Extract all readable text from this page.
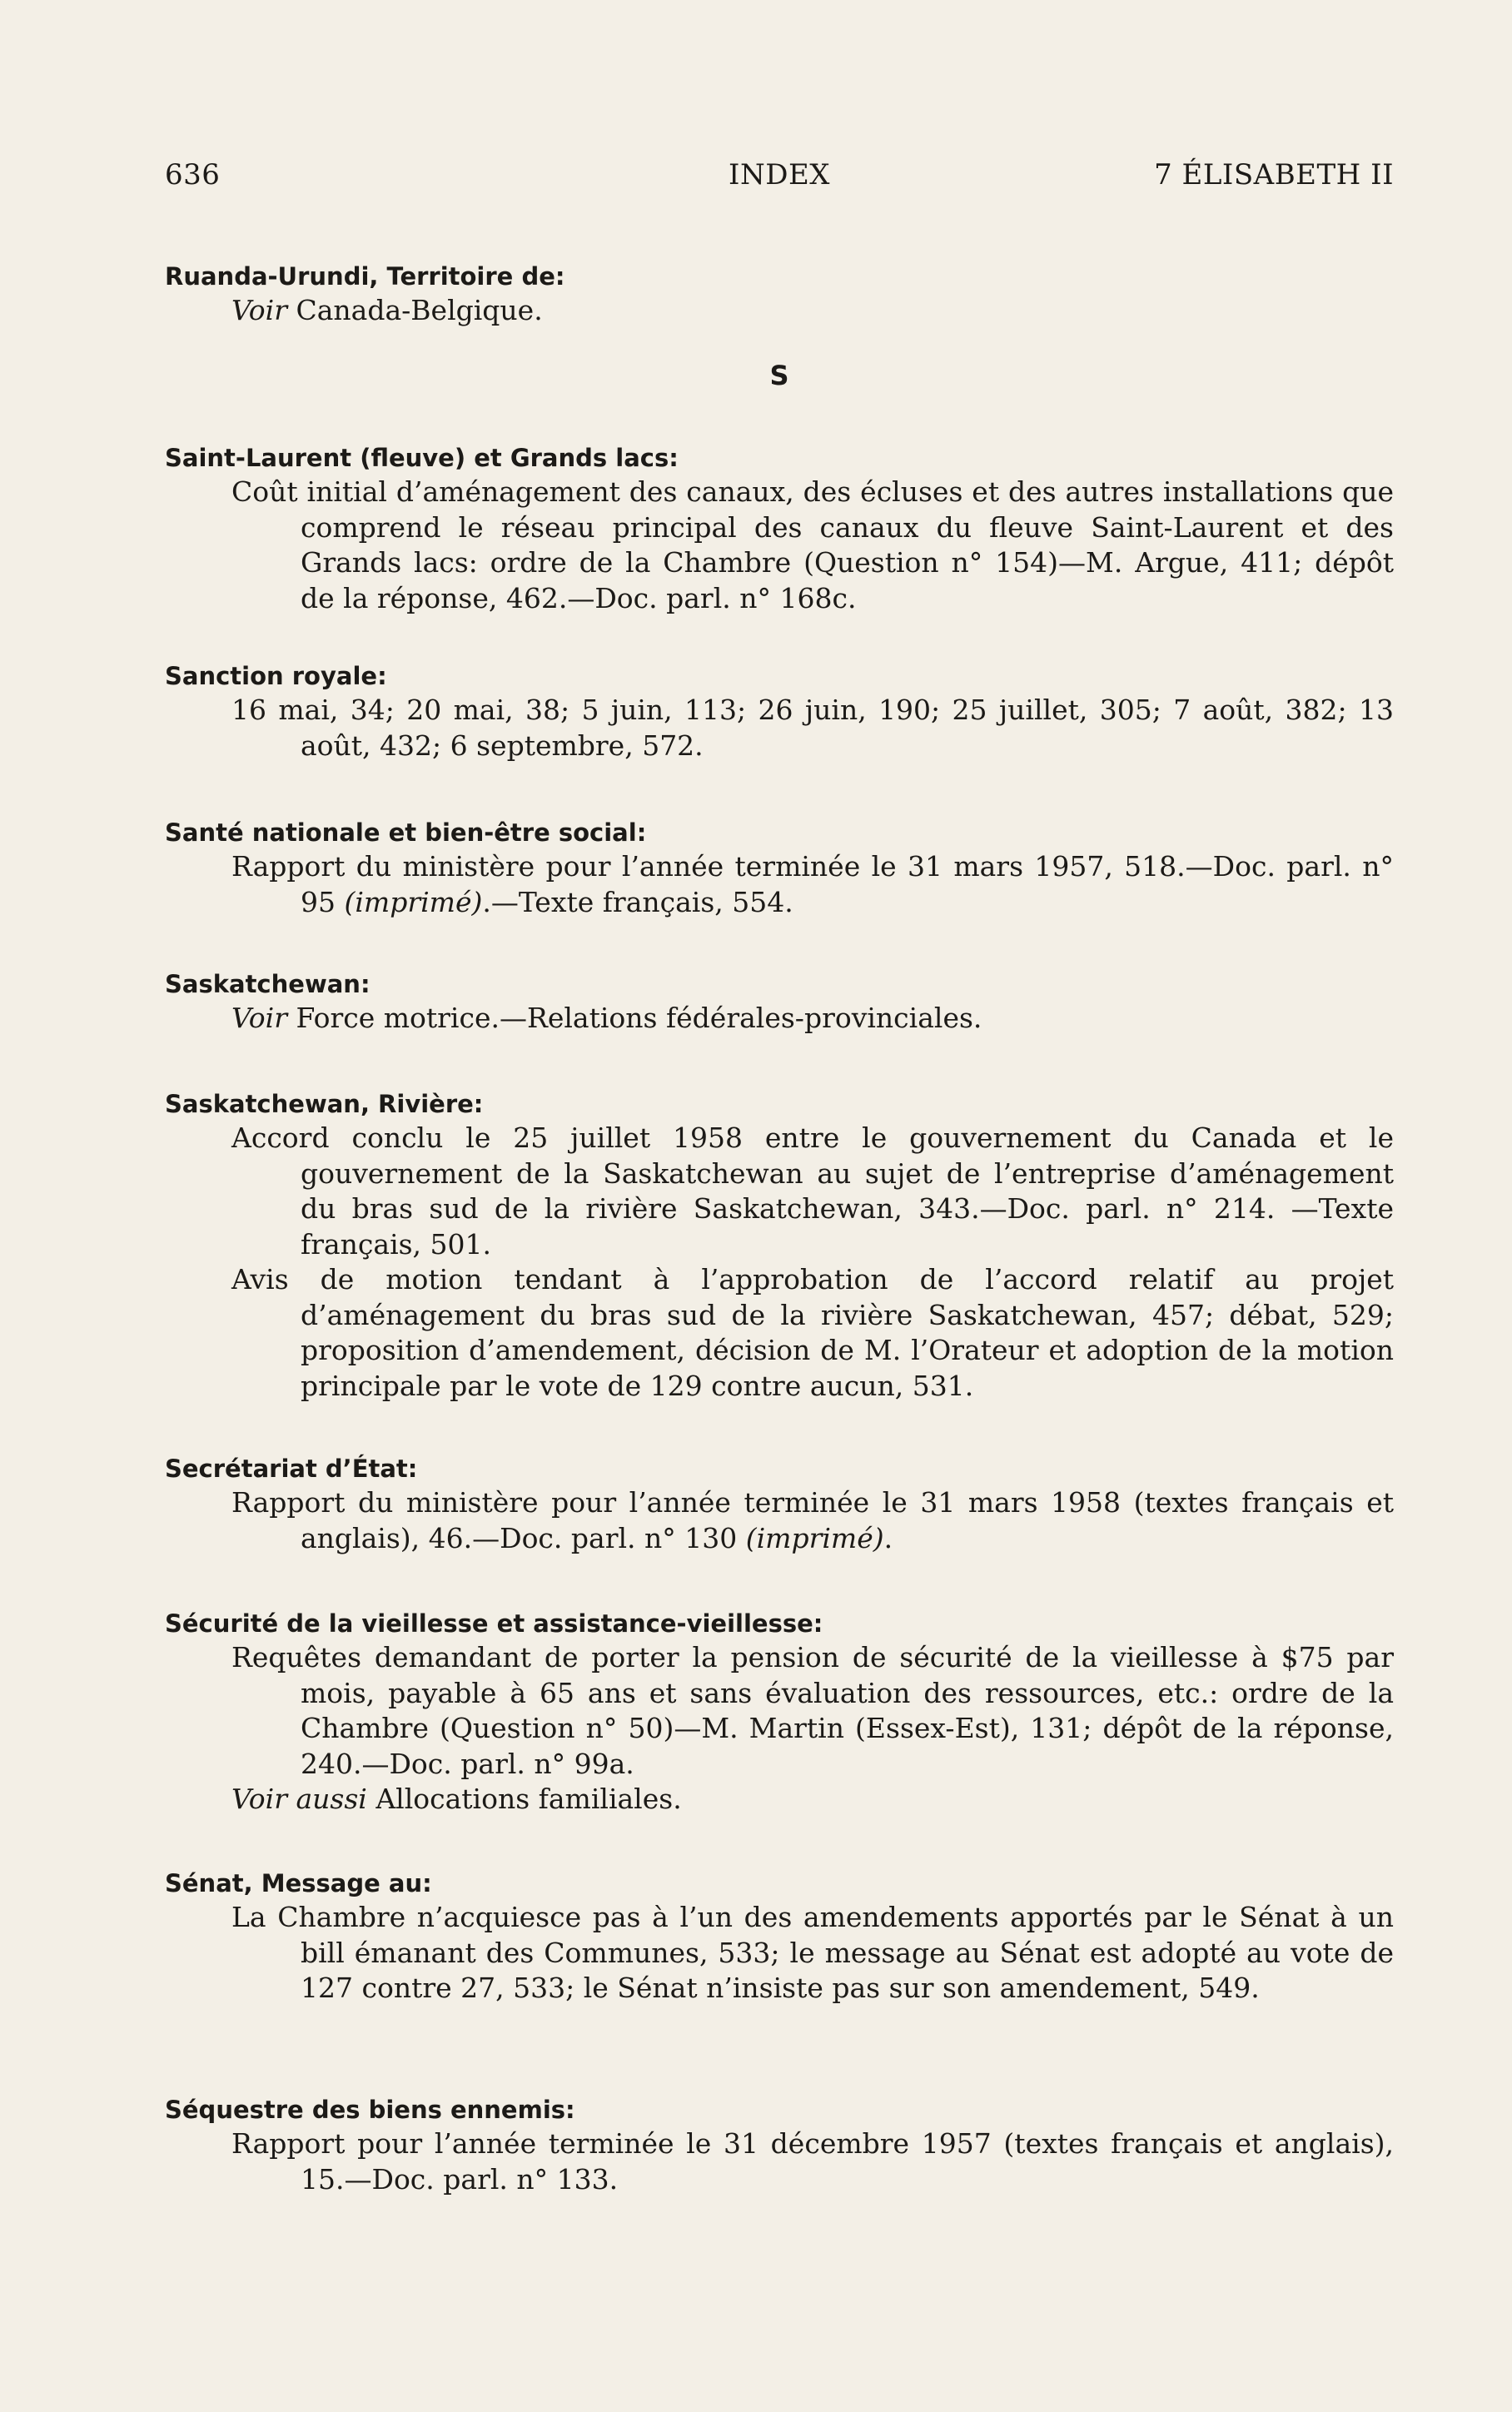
636	INDEX	7 ÉLISABETH II

Ruanda-Urundi, Territoire de:

Voir Canada-Belgique.

S

Saint-Laurent (fleuve) et Grands lacs:

Coût initial d’aménagement des canaux, des écluses et des autres installations que comprend le réseau principal des canaux du fleuve Saint-Laurent et des Grands lacs: ordre de la Chambre (Question n° 154)—M. Argue, 411; dépôt de la réponse, 462.—Doc. parl. n° 168c.

Sanction royale:

16 mai, 34; 20 mai, 38; 5 juin, 113; 26 juin, 190; 25 juillet, 305; 7 août, 382; 13 août, 432; 6 septembre, 572.

Santé nationale et bien-être social:

Rapport du ministère pour l’année terminée le 31 mars 1957, 518.—Doc. parl. n° 95 (imprimé).—Texte français, 554.

Saskatchewan:

Voir Force motrice.—Relations fédérales-provinciales.

Saskatchewan, Rivière:

Accord conclu le 25 juillet 1958 entre le gouvernement du Canada et le gouvernement de la Saskatchewan au sujet de l’entreprise d’aménagement du bras sud de la rivière Saskatchewan, 343.—Doc. parl. n° 214. —Texte français, 501.

Avis de motion tendant à l’approbation de l’accord relatif au projet d’aménagement du bras sud de la rivière Saskatchewan, 457; débat, 529; proposition d’amendement, décision de M. l’Orateur et adoption de la motion principale par le vote de 129 contre aucun, 531.

Secrétariat d’État:

Rapport du ministère pour l’année terminée le 31 mars 1958 (textes français et anglais), 46.—Doc. parl. n° 130 (imprimé).

Sécurité de la vieillesse et assistance-vieillesse:

Requêtes demandant de porter la pension de sécurité de la vieillesse à $75 par mois, payable à 65 ans et sans évaluation des ressources, etc.: ordre de la Chambre (Question n° 50)—M. Martin (Essex-Est), 131; dépôt de la réponse, 240.—Doc. parl. n° 99a.

Voir aussi Allocations familiales.

Sénat, Message au:

La Chambre n’acquiesce pas à l’un des amendements apportés par le Sénat à un bill émanant des Communes, 533; le message au Sénat est adopté au vote de 127 contre 27, 533; le Sénat n’insiste pas sur son amendement, 549.

Séquestre des biens ennemis:

Rapport pour l’année terminée le 31 décembre 1957 (textes français et anglais), 15.—Doc. parl. n° 133.
